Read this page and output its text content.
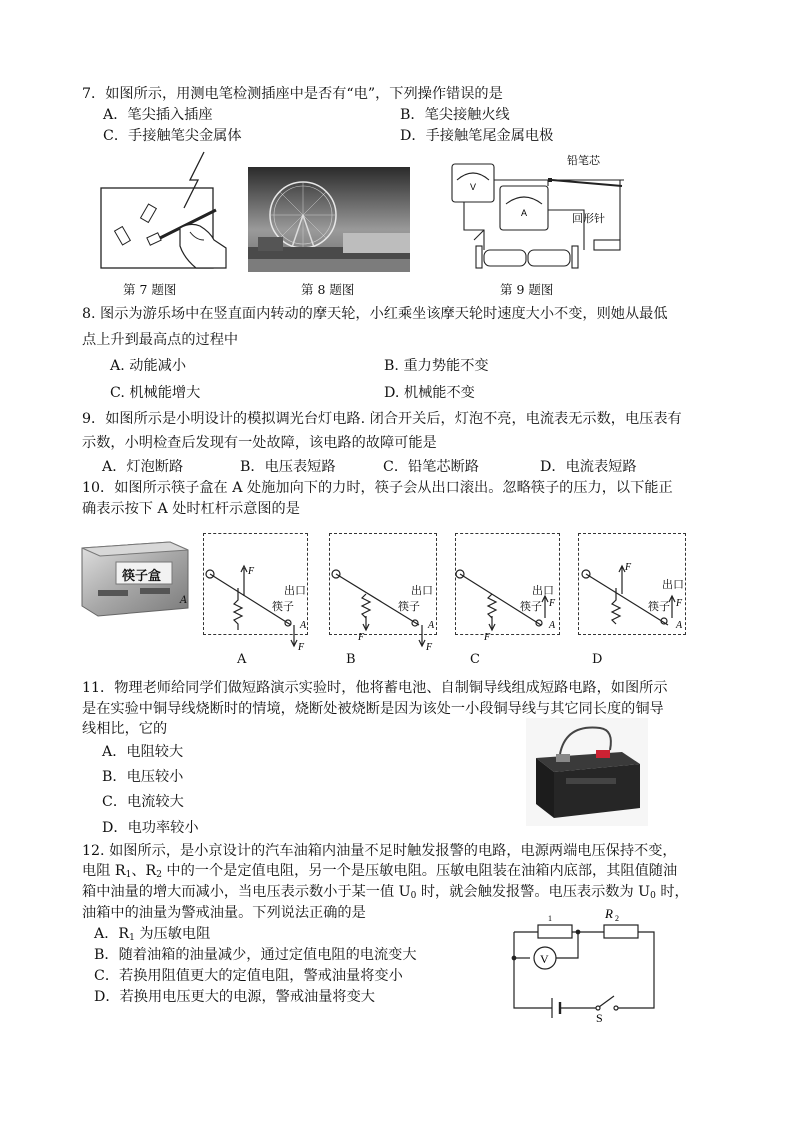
7．如图所示，用测电笔检测插座中是否有“电”，下列操作错误的是
A．笔尖插入插座	B．笔尖接触火线
C．手接触笔尖金属体	D．手接触笔尾金属电极
第 7 题图	第 8 题图
V
A
铅笔芯
回形针
第 9 题图
8. 图示为游乐场中在竖直面内转动的摩天轮，小红乘坐该摩天轮时速度大小不变，则她从最低
点上升到最高点的过程中
A. 动能减小	B. 重力势能不变
C. 机械能增大	D. 机械能不变
9．如图所示是小明设计的模拟调光台灯电路. 闭合开关后，灯泡不亮，电流表无示数，电压表有
示数，小明检查后发现有一处故障，该电路的故障可能是
A．灯泡断路	B．电压表短路	C．铅笔芯断路	D．电流表短路
10．如图所示筷子盒在 A 处施加向下的力时，筷子会从出口滚出。忽略筷子的压力，以下能正
确表示按下 A 处时杠杆示意图的是
筷子盒
A
F
F
A
F
F
A
F
F
A
F
F
A
出口
筷子
出口
筷子
出口
筷子
出口
筷子
A	B	C	D
11．物理老师给同学们做短路演示实验时，他将蓄电池、自制铜导线组成短路电路，如图所示
是在实验中铜导线烧断时的情境，烧断处被烧断是因为该处一小段铜导线与其它同长度的铜导
线相比，它的
A．电阻较大
B．电压较小
C．电流较大
D．电功率较小
12. 如图所示，是小京设计的汽车油箱内油量不足时触发报警的电路，电源两端电压保持不变，
电阻 $R_1$、$R_2$ 中的一个是定值电阻，另一个是压敏电阻。压敏电阻装在油箱内底部，其阻值随油
箱中油量的增大而减小，当电压表示数小于某一值 $U_0$ 时，就会触发报警。电压表示数为 $U_0$ 时，
油箱中的油量为警戒油量。下列说法正确的是
A．$R_1$ 为压敏电阻
B．随着油箱的油量减少，通过定值电阻的电流变大
C．若换用阻值更大的定值电阻，警戒油量将变小
D．若换用电压更大的电源，警戒油量将变大
1	R 2
V
S
